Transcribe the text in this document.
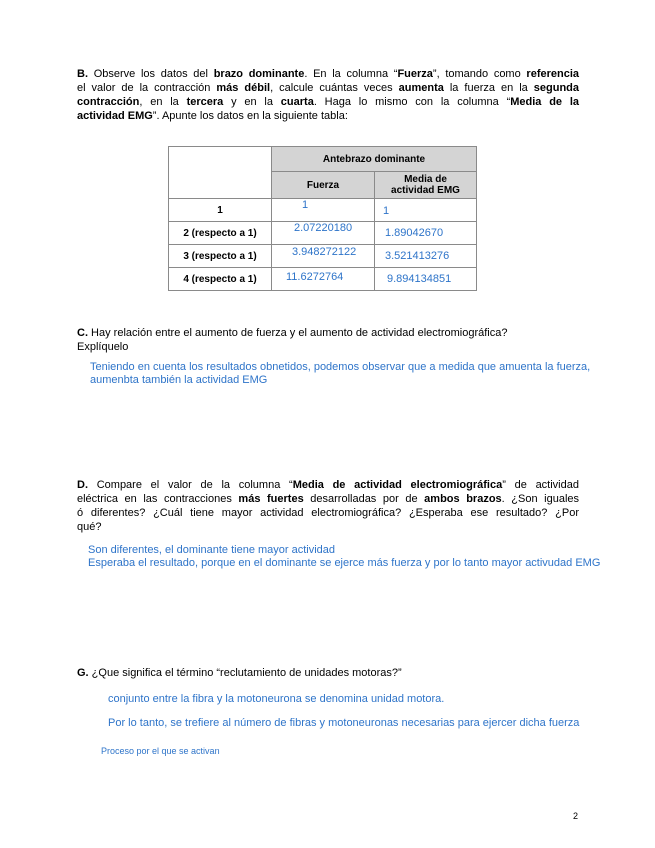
B. Observe los datos del brazo dominante. En la columna “Fuerza”, tomando como referencia
el valor de la contracción más débil, calcule cuántas veces aumenta la fuerza en la segunda
contracción, en la tercera y en la cuarta. Haga lo mismo con la columna “Media de la
actividad EMG”. Apunte los datos en la siguiente tabla:
	Antebrazo dominante	
	Fuerza	Media de
actividad EMG
1	1	1
2 (respecto a 1)	2.07220180	1.89042670
3 (respecto a 1)	3.948272122	3.521413276
4 (respecto a 1)	11.6272764	9.894134851
C. Hay relación entre el aumento de fuerza y el aumento de actividad electromiográfica?
Explíquelo
Teniendo en cuenta los resultados obnetidos, podemos observar que a medida que amuenta la fuerza,
aumenbta también la actividad EMG
D. Compare el valor de la columna “Media de actividad electromiográfica” de actividad
eléctrica en las contracciones más fuertes desarrolladas por de ambos brazos. ¿Son iguales
ó diferentes? ¿Cuál tiene mayor actividad electromiográfica? ¿Esperaba ese resultado? ¿Por
qué?
Son diferentes, el dominante tiene mayor actividad
Esperaba el resultado, porque en el dominante se ejerce más fuerza y por lo tanto mayor activudad EMG
G. ¿Que significa el término “reclutamiento de unidades motoras?”
conjunto entre la fibra y la motoneurona se denomina unidad motora.
Por lo tanto, se trefiere al número de fibras y motoneuronas necesarias para ejercer dicha fuerza
Proceso por el que se activan
2
